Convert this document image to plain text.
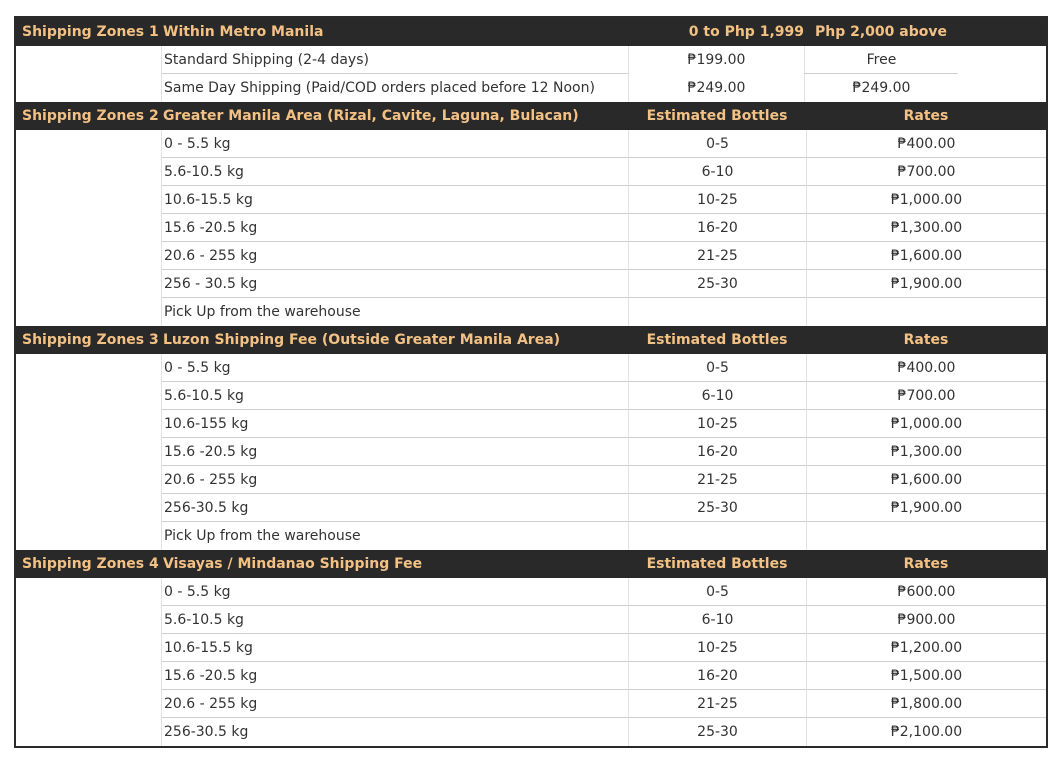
Shipping Zones 1 Within Metro Manila	0 to Php 1,999 Php 2,000 above
Standard Shipping (2-4 days)	₱199.00	Free
Same Day Shipping (Paid/COD orders placed before 12 Noon)	₱249.00	₱249.00
Shipping Zones 2 Greater Manila Area (Rizal, Cavite, Laguna, Bulacan)	Estimated Bottles	Rates
0 - 5.5 kg	0-5	₱400.00
5.6-10.5 kg	6-10	₱700.00
10.6-15.5 kg	10-25	₱1,000.00
15.6 -20.5 kg	16-20	₱1,300.00
20.6 - 255 kg	21-25	₱1,600.00
256 - 30.5 kg	25-30	₱1,900.00
Pick Up from the warehouse
Shipping Zones 3 Luzon Shipping Fee (Outside Greater Manila Area)	Estimated Bottles	Rates
0 - 5.5 kg	0-5	₱400.00
5.6-10.5 kg	6-10	₱700.00
10.6-155 kg	10-25	₱1,000.00
15.6 -20.5 kg	16-20	₱1,300.00
20.6 - 255 kg	21-25	₱1,600.00
256-30.5 kg	25-30	₱1,900.00
Pick Up from the warehouse
Shipping Zones 4 Visayas / Mindanao Shipping Fee	Estimated Bottles	Rates
0 - 5.5 kg	0-5	₱600.00
5.6-10.5 kg	6-10	₱900.00
10.6-15.5 kg	10-25	₱1,200.00
15.6 -20.5 kg	16-20	₱1,500.00
20.6 - 255 kg	21-25	₱1,800.00
256-30.5 kg	25-30	₱2,100.00
